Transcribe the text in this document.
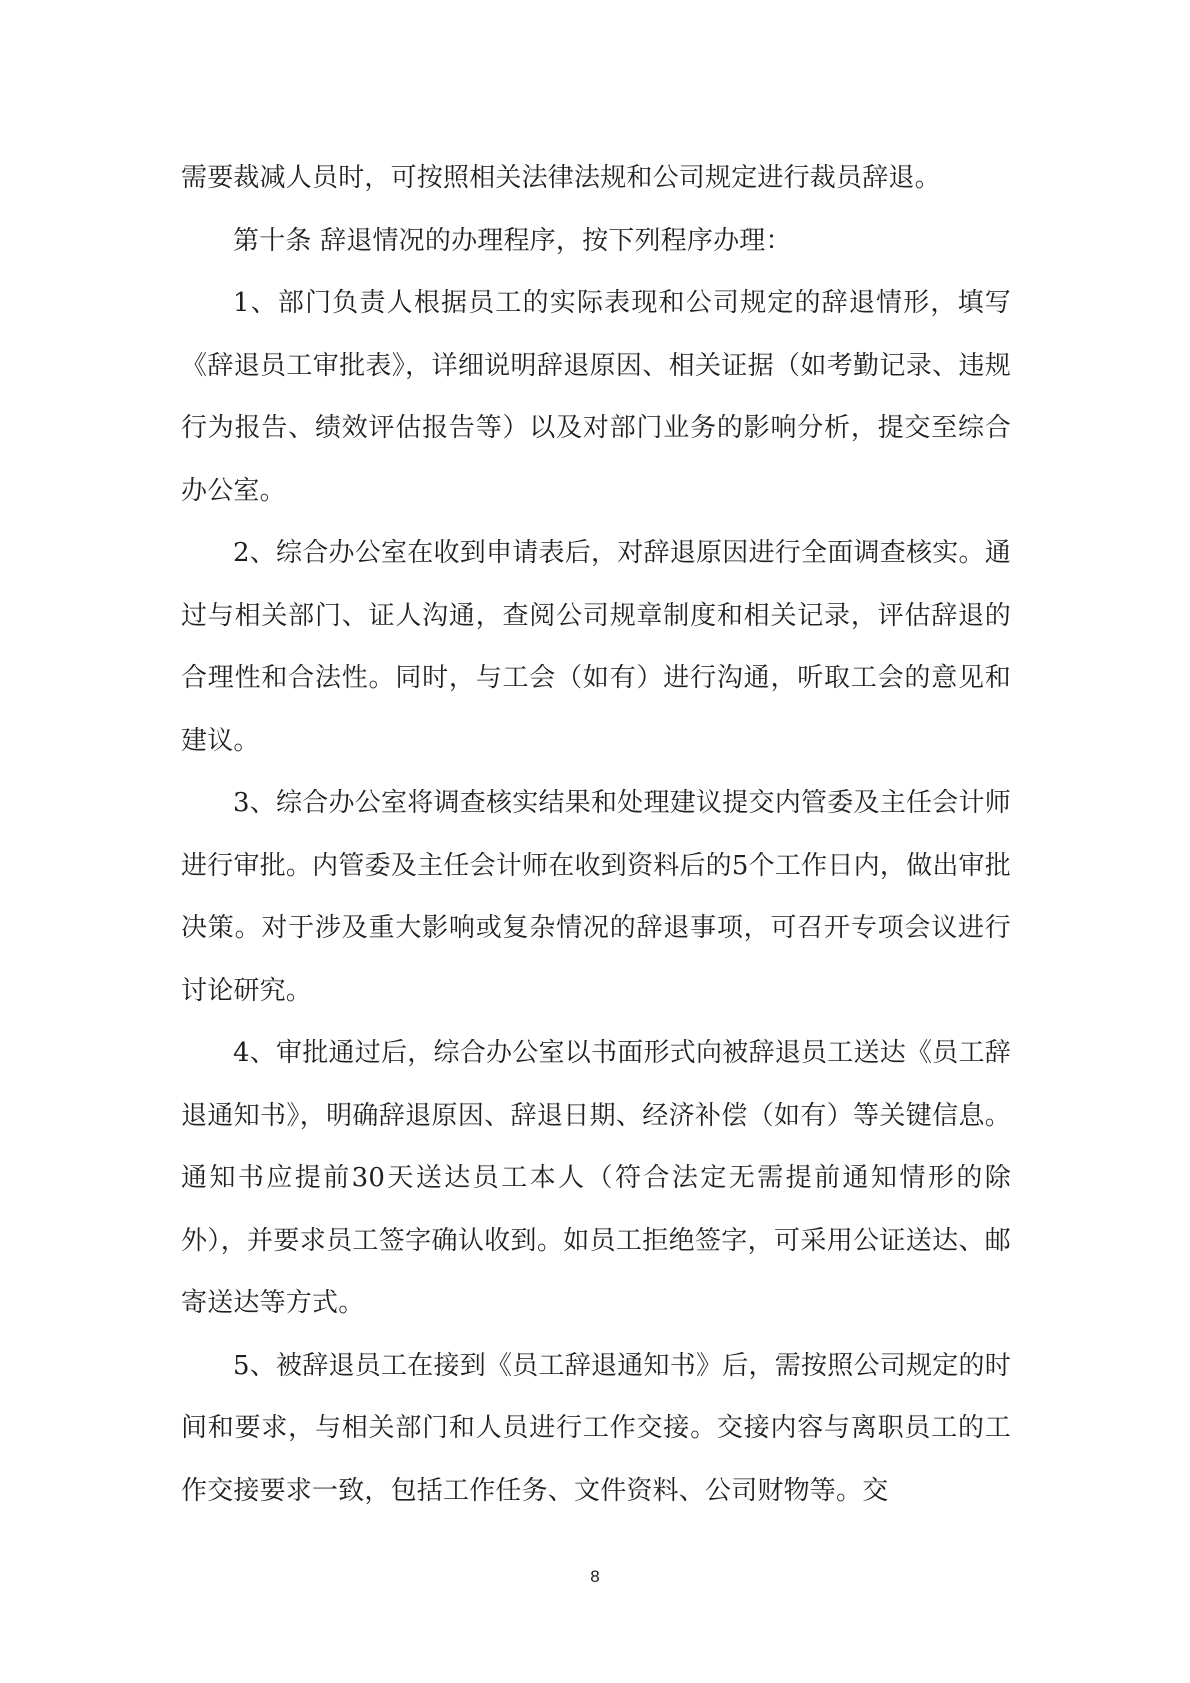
需要裁减人员时，可按照相关法律法规和公司规定进行裁员辞退。

第十条 辞退情况的办理程序，按下列程序办理：

1、部门负责人根据员工的实际表现和公司规定的辞退情形，填写《辞退员工审批表》，详细说明辞退原因、相关证据（如考勤记录、违规行为报告、绩效评估报告等）以及对部门业务的影响分析，提交至综合办公室。

2、综合办公室在收到申请表后，对辞退原因进行全面调查核实。通过与相关部门、证人沟通，查阅公司规章制度和相关记录，评估辞退的合理性和合法性。同时，与工会（如有）进行沟通，听取工会的意见和建议。

3、综合办公室将调查核实结果和处理建议提交内管委及主任会计师进行审批。内管委及主任会计师在收到资料后的5个工作日内，做出审批决策。对于涉及重大影响或复杂情况的辞退事项，可召开专项会议进行讨论研究。

4、审批通过后，综合办公室以书面形式向被辞退员工送达《员工辞退通知书》，明确辞退原因、辞退日期、经济补偿（如有）等关键信息。通知书应提前30天送达员工本人（符合法定无需提前通知情形的除外），并要求员工签字确认收到。如员工拒绝签字，可采用公证送达、邮寄送达等方式。

5、被辞退员工在接到《员工辞退通知书》后，需按照公司规定的时间和要求，与相关部门和人员进行工作交接。交接内容与离职员工的工作交接要求一致，包括工作任务、文件资料、公司财物等。交

8
